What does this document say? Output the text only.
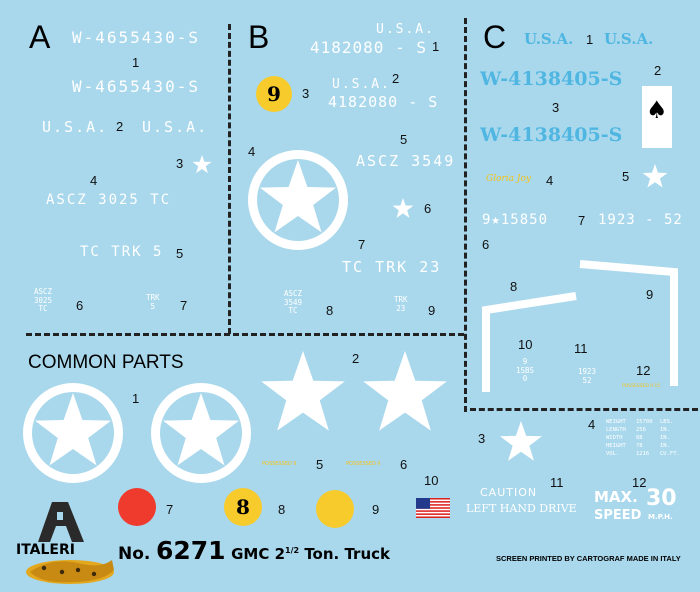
A W-4655430-S
1
W-4655430-S
U.S.A. 2 U.S.A.
3
4
ASCZ 3025 TC
TC TRK 5 5
ASCZ
3025
TC	6
TRK
5	7
B	U.S.A.
4182080 - S 1
9	3
U.S.A. 2
4182080 - S
5
4
ASCZ 3549
6
7
TC TRK 23
ASCZ
3549
TC	8
TRK
23 9
C U.S.A. 1 U.S.A.
2
W-4138405-S
♠
3
W-4138405-S
Gloria Joy 4	5
9★15850 7 1923 - 52
6
9
8
10	11
12
9
1SBS
0
1923
52
POSSESSED II 15
COMMON PARTS
1
2
POSSESSED II 5	POSSESSED II 6
7	8	8	9
10
3
4 WEIGHT 15700 LBS.
LENGTH 256	IN.
WIDTH 88	IN.
HEIGHT 78	IN.
VOL.	1216 CU.FT.
11	12
CAUTION
LEFT HAND DRIVE
MAX. 30
SPEED M.P.H.
ITALERI	No. 6271 GMC $2^{1/2}$ Ton. Truck	SCREEN PRINTED BY CARTOGRAF MADE IN ITALY
